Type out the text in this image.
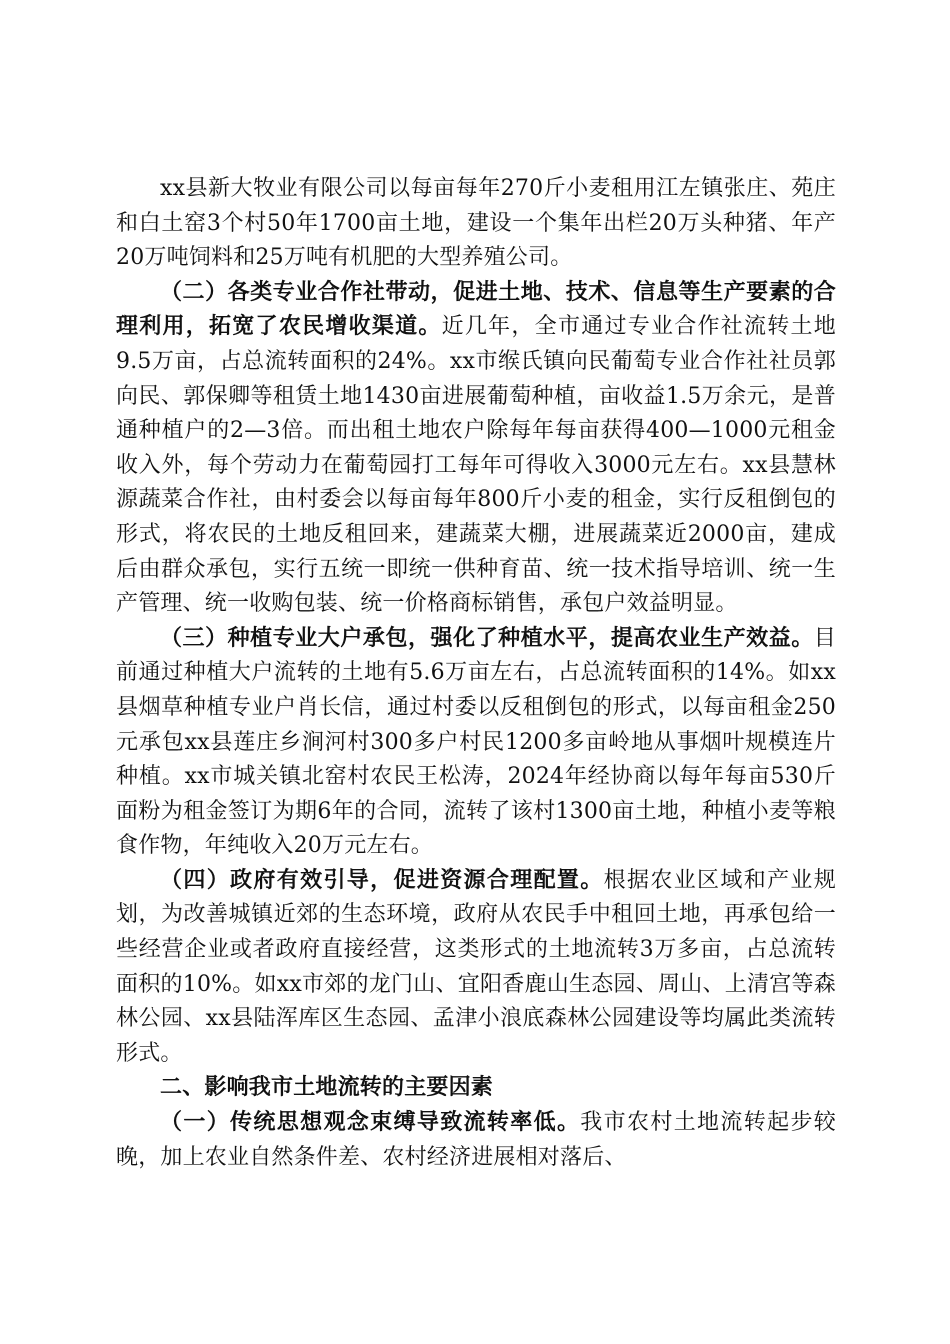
xx县新大牧业有限公司以每亩每年270斤小麦租用江左镇张庄、苑庄和白土窑3个村50年1700亩土地，建设一个集年出栏20万头种猪、年产20万吨饲料和25万吨有机肥的大型养殖公司。

（二）各类专业合作社带动，促进土地、技术、信息等生产要素的合理利用，拓宽了农民增收渠道。近几年，全市通过专业合作社流转土地9.5万亩，占总流转面积的24%。xx市缑氏镇向民葡萄专业合作社社员郭向民、郭保卿等租赁土地1430亩进展葡萄种植，亩收益1.5万余元，是普通种植户的2—3倍。而出租土地农户除每年每亩获得400—1000元租金收入外，每个劳动力在葡萄园打工每年可得收入3000元左右。xx县慧林源蔬菜合作社，由村委会以每亩每年800斤小麦的租金，实行反租倒包的形式，将农民的土地反租回来，建蔬菜大棚，进展蔬菜近2000亩，建成后由群众承包，实行五统一即统一供种育苗、统一技术指导培训、统一生产管理、统一收购包装、统一价格商标销售，承包户效益明显。

（三）种植专业大户承包，强化了种植水平，提高农业生产效益。目前通过种植大户流转的土地有5.6万亩左右，占总流转面积的14%。如xx县烟草种植专业户肖长信，通过村委以反租倒包的形式，以每亩租金250元承包xx县莲庄乡涧河村300多户村民1200多亩岭地从事烟叶规模连片种植。xx市城关镇北窑村农民王松涛，2024年经协商以每年每亩530斤面粉为租金签订为期6年的合同，流转了该村1300亩土地，种植小麦等粮食作物，年纯收入20万元左右。

（四）政府有效引导，促进资源合理配置。根据农业区域和产业规划，为改善城镇近郊的生态环境，政府从农民手中租回土地，再承包给一些经营企业或者政府直接经营，这类形式的土地流转3万多亩，占总流转面积的10%。如xx市郊的龙门山、宜阳香鹿山生态园、周山、上清宫等森林公园、xx县陆浑库区生态园、孟津小浪底森林公园建设等均属此类流转形式。

二、影响我市土地流转的主要因素

（一）传统思想观念束缚导致流转率低。我市农村土地流转起步较晚，加上农业自然条件差、农村经济进展相对落后、
